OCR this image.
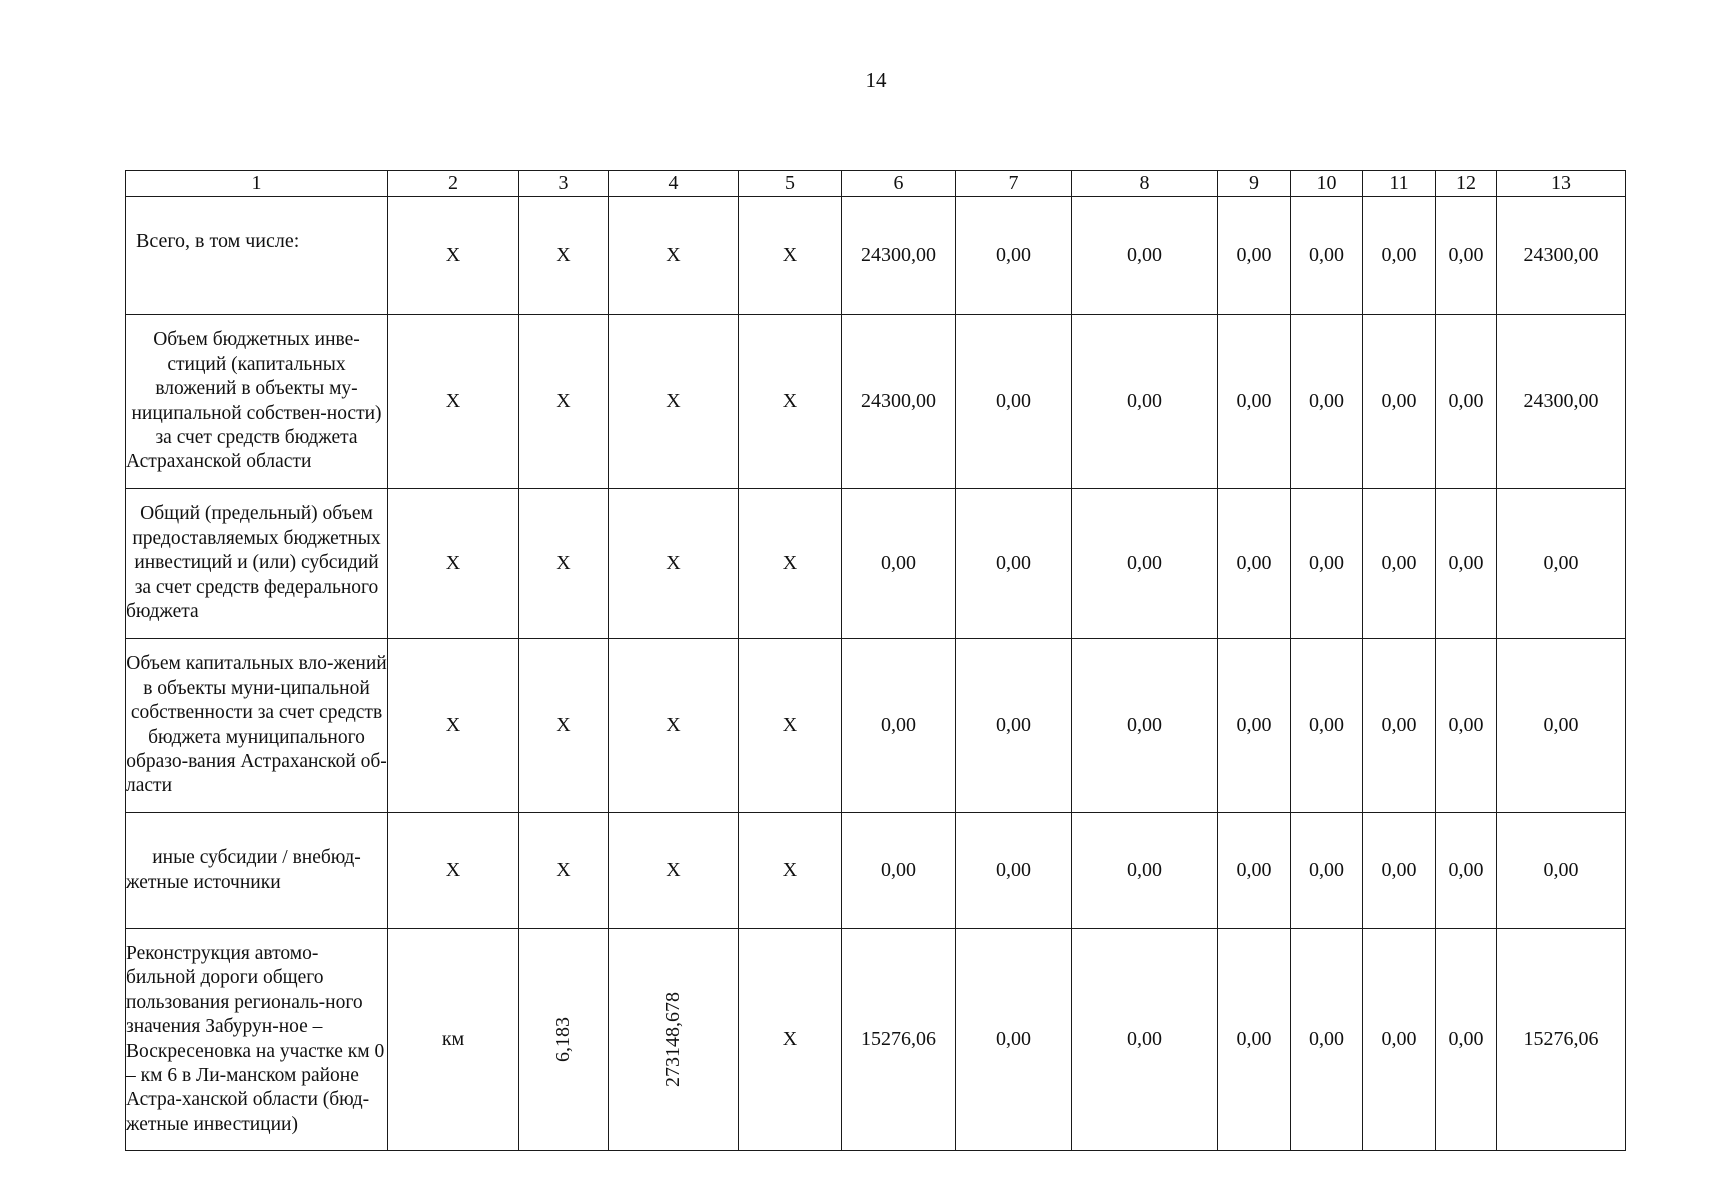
14
1	2	3	4	5	6	7	8	9	10	11	12	13
Всего, в том числе:	X	X	X	X	24300,00	0,00	0,00	0,00	0,00	0,00	0,00	24300,00
Объем бюджетных инве-стиций (капитальных вложений в объекты му-ниципальной собствен-ности) за счет средств бюджета Астраханской области	X	X	X	X	24300,00	0,00	0,00	0,00	0,00	0,00	0,00	24300,00
Общий (предельный) объем предоставляемых бюджетных инвестиций и (или) субсидий за счет средств федерального бюджета	X	X	X	X	0,00	0,00	0,00	0,00	0,00	0,00	0,00	0,00
Объем капитальных вло-жений в объекты муни-ципальной собственности за счет средств бюджета муниципального образо-вания Астраханской об-ласти	X	X	X	X	0,00	0,00	0,00	0,00	0,00	0,00	0,00	0,00
иные субсидии / внебюд-жетные источники	X	X	X	X	0,00	0,00	0,00	0,00	0,00	0,00	0,00	0,00
Реконструкция автомо-бильной дороги общего пользования региональ-ного значения Забурун-ное – Воскресеновка на участке км 0 – км 6 в Ли-манском районе Астра-ханской области (бюд-жетные инвестиции)	км	6,183	273148,678	X	15276,06	0,00	0,00	0,00	0,00	0,00	0,00	15276,06
